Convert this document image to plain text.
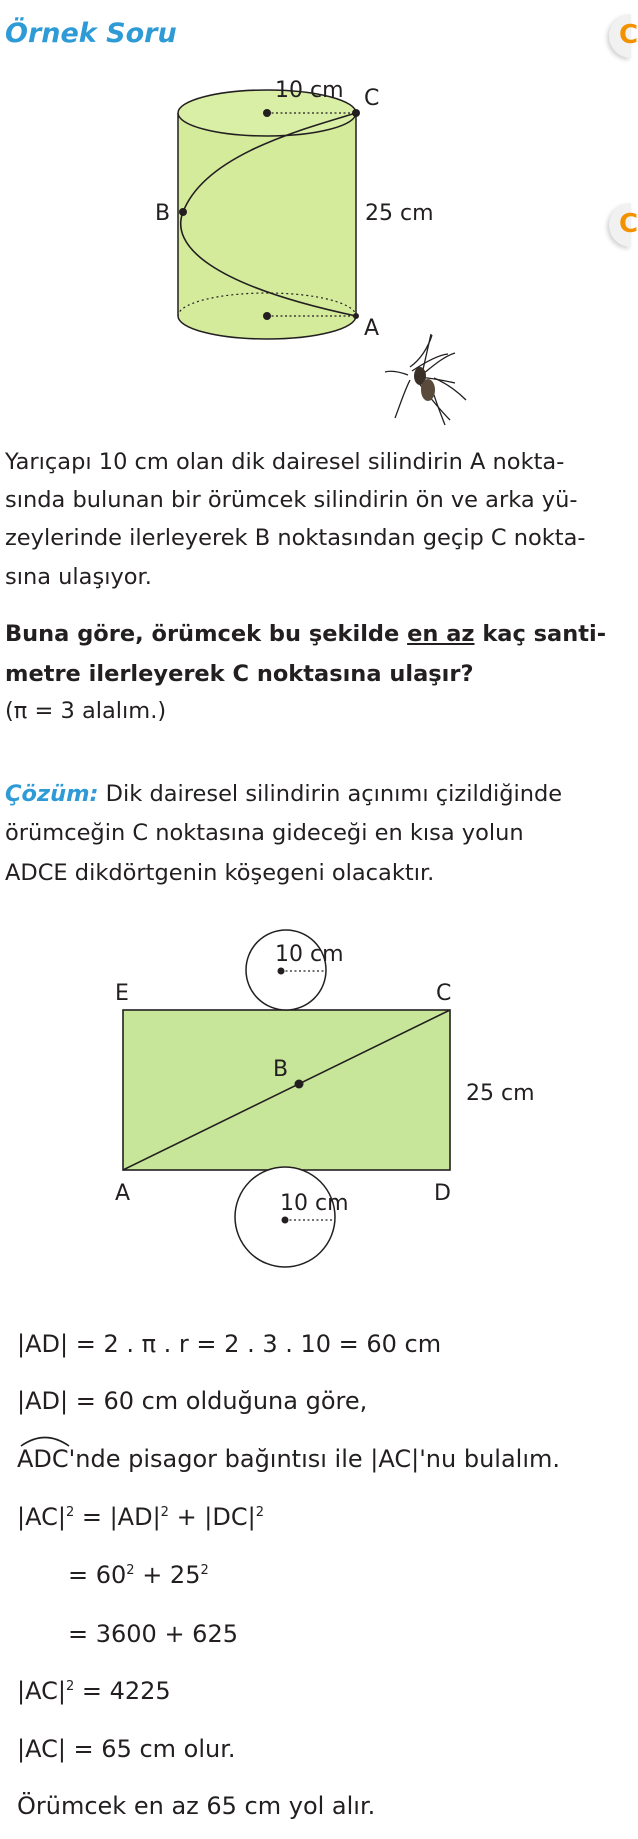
Örnek Soru	C
C
10 cm C
B	25 cm
A

Yarıçapı 10 cm olan dik dairesel silindirin A nokta-

sında bulunan bir örümcek silindirin ön ve arka yü-

zeylerinde ilerleyerek B noktasından geçip C nokta-

sına ulaşıyor.

Buna göre, örümcek bu şekilde en az kaç santi-

metre ilerleyerek C noktasına ulaşır?

(π = 3 alalım.)

Çözüm: Dik dairesel silindirin açınımı çizildiğinde

örümceğin C noktasına gideceği en kısa yolun

ADCE dikdörtgenin köşegeni olacaktır.

10 cm
10 cm
E	C
B
25 cm
A	D
|AD| = 2 . π . r = 2 . 3 . 10 = 60 cm
|AD| = 60 cm olduğuna göre,
ADC'nde pisagor bağıntısı ile |AC|'nu bulalım.
$|AC|^2 = |AD|^2 + |DC|^2$
= $60^2 + 25^2$
= 3600 + 625
$|AC|^2 = 4225$
|AC| = 65 cm olur.
Örümcek en az 65 cm yol alır.
